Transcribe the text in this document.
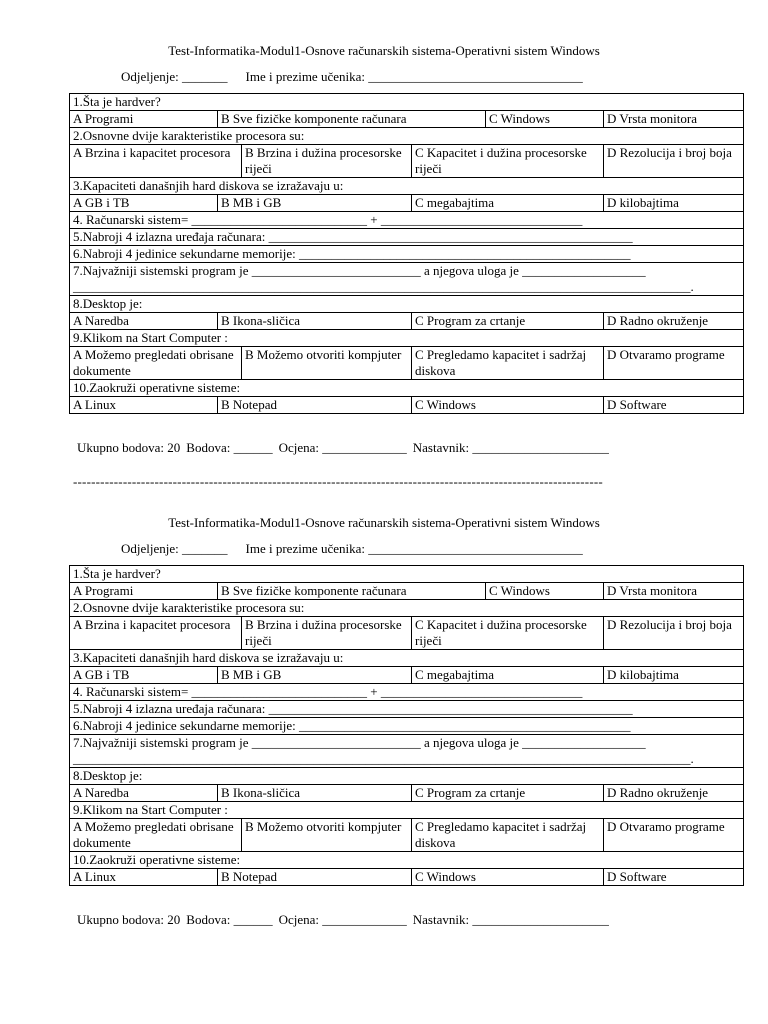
Test-Informatika-Modul1-Osnove računarskih sistema-Operativni sistem Windows
Odjeljenje: _______ Ime i prezime učenika: _________________________________
1.Šta je hardver?					
A Programi	B Sve fizičke komponente računara			C Windows	D Vrsta monitora
2.Osnovne dvije karakteristike procesora su:					
A Brzina i kapacitet procesora		B Brzina i dužina procesorske riječi	C Kapacitet i dužina procesorske riječi		D Rezolucija i broj boja
3.Kapaciteti današnjih hard diskova se izražavaju u:					
A GB i TB	B MB i GB		C megabajtima		D kilobajtima
4. Računarski sistem= ___________________________ + _______________________________					
5.Nabroji 4 izlazna uređaja računara: ________________________________________________________					
6.Nabroji 4 jedinice sekundarne memorije: ___________________________________________________					

7.Najvažniji sistemski program je __________________________ a njegova uloga je ___________________
_______________________________________________________________________________________________.					

8.Desktop je:					
A Naredba	B Ikona-sličica		C Program za crtanje		D Radno okruženje
9.Klikom na Start Computer :					
A Možemo pregledati obrisane dokumente		B Možemo otvoriti kompjuter	C Pregledamo kapacitet i sadržaj diskova		D Otvaramo programe
10.Zaokruži operativne sisteme:					
A Linux	B Notepad		C Windows		D Software
Ukupno bodova: 20 Bodova: ______ Ocjena: _____________ Nastavnik: _____________________
---------------------------------------------------------------------------------------------------------------------
Test-Informatika-Modul1-Osnove računarskih sistema-Operativni sistem Windows
Odjeljenje: _______ Ime i prezime učenika: _________________________________
1.Šta je hardver?					
A Programi	B Sve fizičke komponente računara			C Windows	D Vrsta monitora
2.Osnovne dvije karakteristike procesora su:					
A Brzina i kapacitet procesora		B Brzina i dužina procesorske riječi	C Kapacitet i dužina procesorske riječi		D Rezolucija i broj boja
3.Kapaciteti današnjih hard diskova se izražavaju u:					
A GB i TB	B MB i GB		C megabajtima		D kilobajtima
4. Računarski sistem= ___________________________ + _______________________________					
5.Nabroji 4 izlazna uređaja računara: ________________________________________________________					
6.Nabroji 4 jedinice sekundarne memorije: ___________________________________________________					

7.Najvažniji sistemski program je __________________________ a njegova uloga je ___________________
_______________________________________________________________________________________________.					

8.Desktop je:					
A Naredba	B Ikona-sličica		C Program za crtanje		D Radno okruženje
9.Klikom na Start Computer :					
A Možemo pregledati obrisane dokumente		B Možemo otvoriti kompjuter	C Pregledamo kapacitet i sadržaj diskova		D Otvaramo programe
10.Zaokruži operativne sisteme:					
A Linux	B Notepad		C Windows		D Software
Ukupno bodova: 20 Bodova: ______ Ocjena: _____________ Nastavnik: _____________________
